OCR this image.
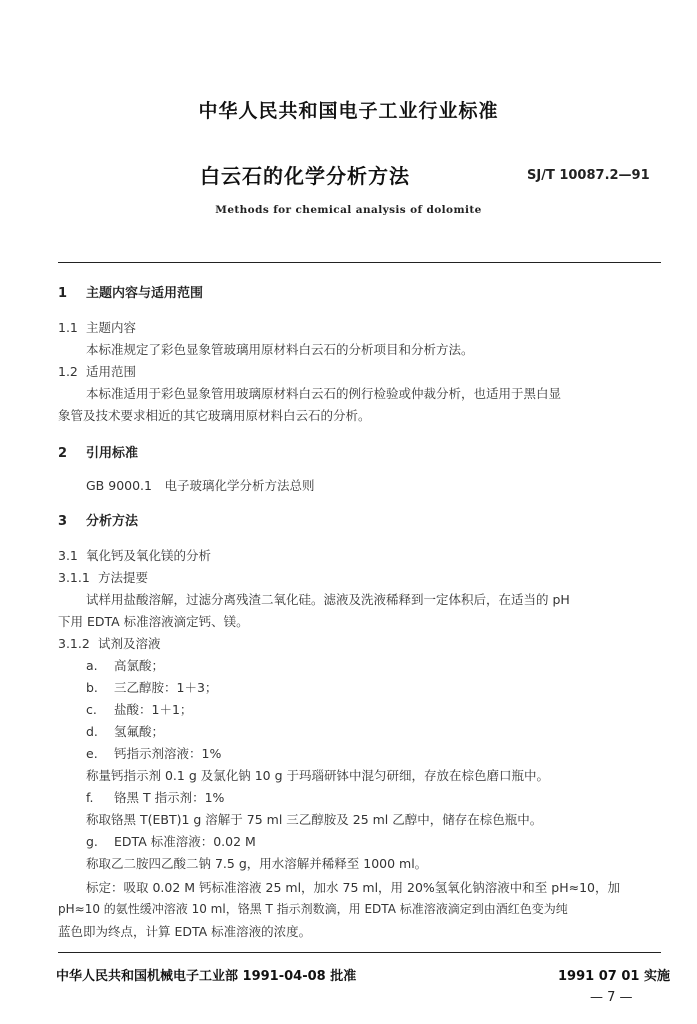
中华人民共和国电子工业行业标准
白云石的化学分析方法	SJ/T 10087.2—91
Methods for chemical analysis of dolomite
1 主题内容与适用范围
1.1 主题内容
本标准规定了彩色显象管玻璃用原材料白云石的分析项目和分析方法。
1.2 适用范围
本标准适用于彩色显象管用玻璃原材料白云石的例行检验或仲裁分析，也适用于黑白显
象管及技术要求相近的其它玻璃用原材料白云石的分析。
2 引用标准
GB 9000.1　电子玻璃化学分析方法总则
3 分析方法
3.1 氧化钙及氧化镁的分析
3.1.1 方法提要
试样用盐酸溶解，过滤分离残渣二氧化硅。滤液及洗液稀释到一定体积后，在适当的 pH
下用 EDTA 标准溶液滴定钙、镁。
3.1.2 试剂及溶液
a. 高氯酸；
b. 三乙醇胺：1＋3；
c. 盐酸：1＋1；
d. 氢氟酸；
e. 钙指示剂溶液：1%
称量钙指示剂 0.1 g 及氯化钠 10 g 于玛瑙研钵中混匀研细，存放在棕色磨口瓶中。
f. 铬黑 T 指示剂：1%
称取铬黑 T(EBT)1 g 溶解于 75 ml 三乙醇胺及 25 ml 乙醇中，储存在棕色瓶中。
g. EDTA 标准溶液：0.02 M
称取乙二胺四乙酸二钠 7.5 g，用水溶解并稀释至 1000 ml。
标定：吸取 0.02 M 钙标准溶液 25 ml，加水 75 ml，用 20%氢氧化钠溶液中和至 pH≈10，加
pH≈10 的氨性缓冲溶液 10 ml，铬黑 T 指示剂数滴，用 EDTA 标准溶液滴定到由酒红色变为纯
蓝色即为终点，计算 EDTA 标准溶液的浓度。
中华人民共和国机械电子工业部 1991-04-08 批准	1991 07 01 实施
— 7 —
